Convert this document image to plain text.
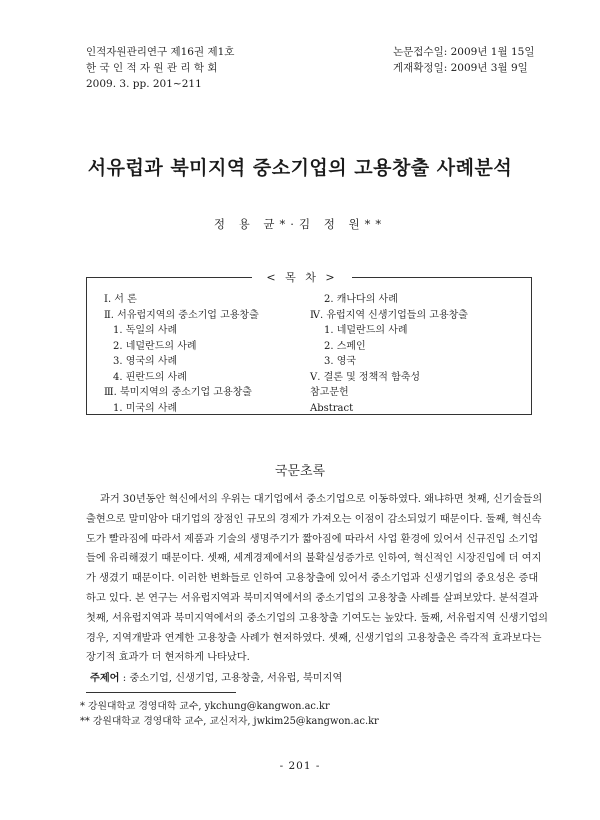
인적자원관리연구 제16권 제1호
한 국 인 적 자 원 관 리 학 회
2009. 3. pp. 201∼211
논문접수일: 2009년 1월 15일
게재확정일: 2009년 3월 9일
서유럽과 북미지역 중소기업의 고용창출 사례분석
정 용 균*·김 정 원**
< 목 차 >
Ⅰ. 서 론
Ⅱ. 서유럽지역의 중소기업 고용창출
1. 독일의 사례
2. 네덜란드의 사례
3. 영국의 사례
4. 핀란드의 사례
Ⅲ. 북미지역의 중소기업 고용창출
1. 미국의 사례
2. 캐나다의 사례
Ⅳ. 유럽지역 신생기업들의 고용창출
1. 네덜란드의 사례
2. 스페인
3. 영국
Ⅴ. 결론 및 정책적 함축성
참고문헌
Abstract
국문초록
과거 30년동안 혁신에서의 우위는 대기업에서 중소기업으로 이동하였다. 왜냐하면 첫째, 신기술들의
출현으로 말미암아 대기업의 장점인 규모의 경제가 가져오는 이점이 감소되었기 때문이다. 둘째, 혁신속
도가 빨라짐에 따라서 제품과 기술의 생명주기가 짧아짐에 따라서 사업 환경에 있어서 신규진입 소기업
들에 유리해졌기 때문이다. 셋째, 세계경제에서의 불확실성증가로 인하여, 혁신적인 시장진입에 더 여지
가 생겼기 때문이다. 이러한 변화들로 인하여 고용창출에 있어서 중소기업과 신생기업의 중요성은 증대
하고 있다. 본 연구는 서유럽지역과 북미지역에서의 중소기업의 고용창출 사례를 살펴보았다. 분석결과
첫째, 서유럽지역과 북미지역에서의 중소기업의 고용창출 기여도는 높았다. 둘째, 서유럽지역 신생기업의
경우, 지역개발과 연계한 고용창출 사례가 현저하였다. 셋째, 신생기업의 고용창출은 즉각적 효과보다는
장기적 효과가 더 현저하게 나타났다.
주제어 : 중소기업, 신생기업, 고용창출, 서유럽, 북미지역
* 강원대학교 경영대학 교수, ykchung@kangwon.ac.kr
** 강원대학교 경영대학 교수, 교신저자, jwkim25@kangwon.ac.kr
- 201 -
